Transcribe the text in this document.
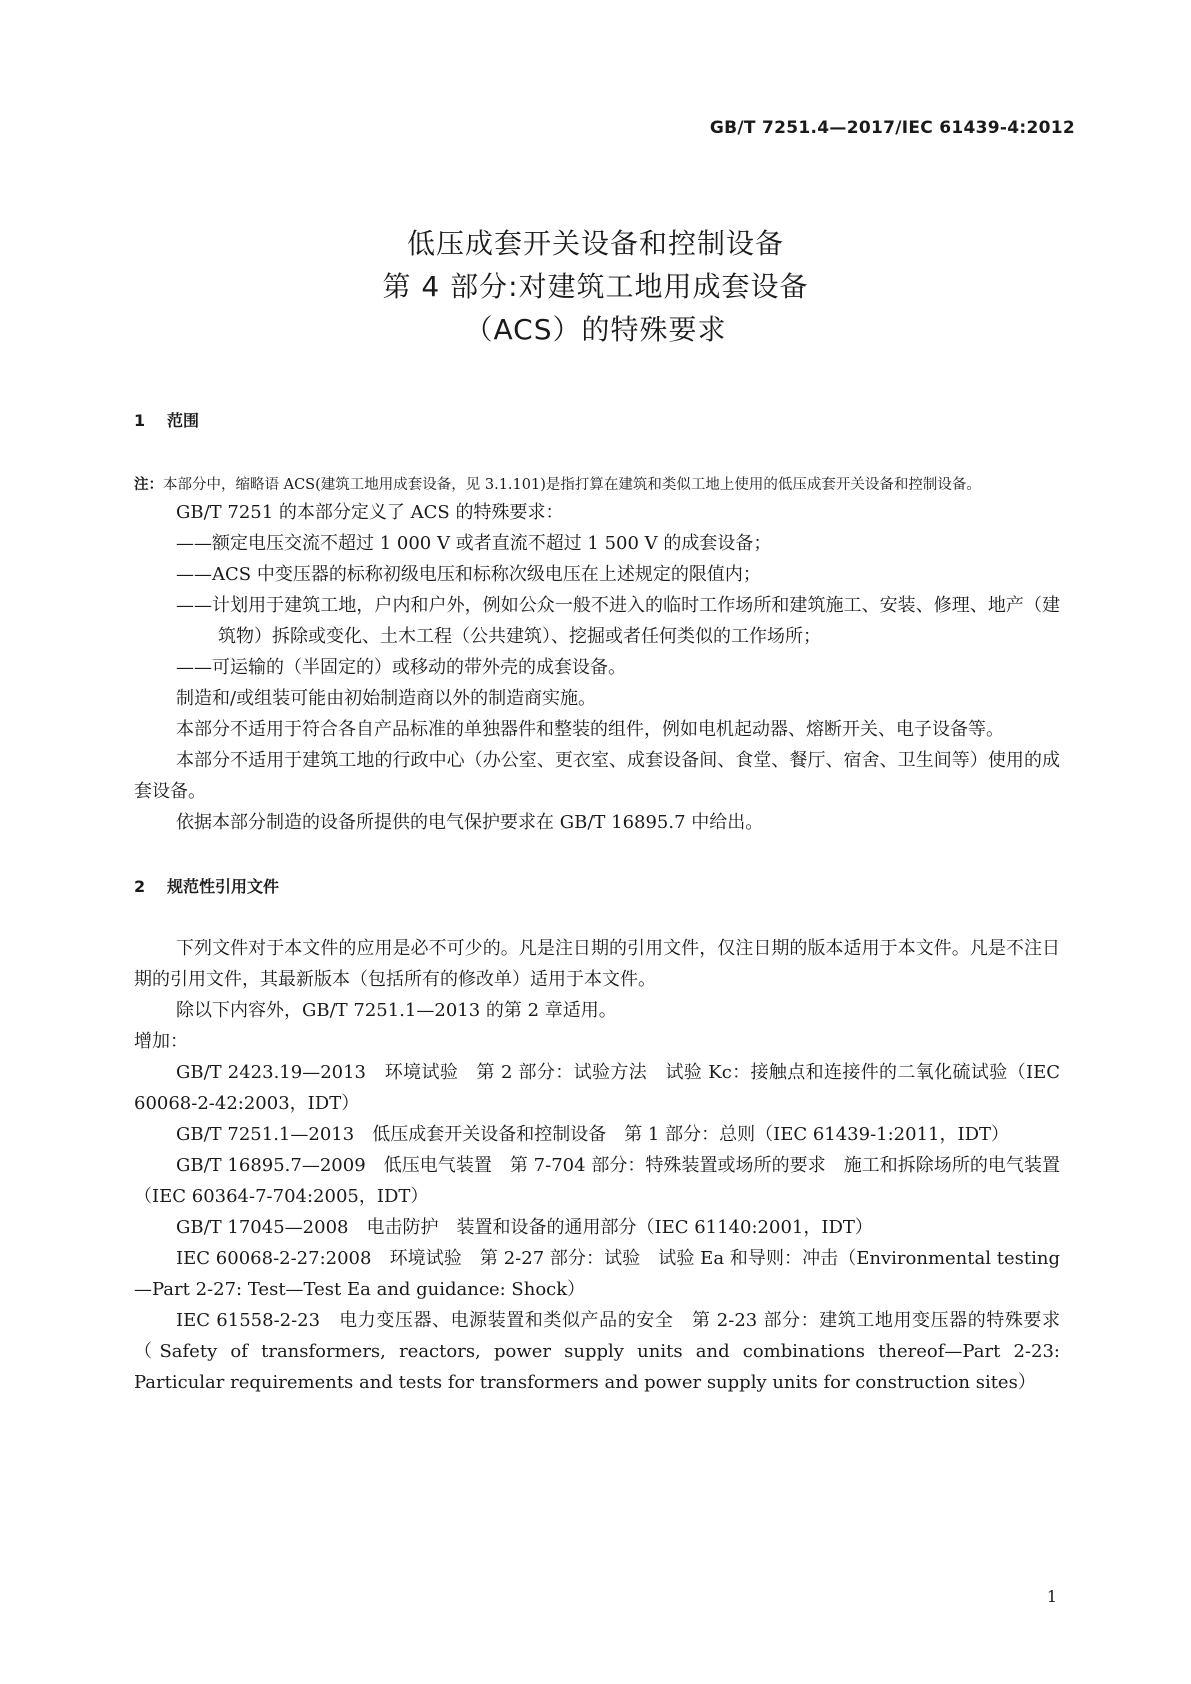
GB/T 7251.4—2017/IEC 61439-4:2012
低压成套开关设备和控制设备
第 4 部分:对建筑工地用成套设备
（ACS）的特殊要求
1 范围
注：本部分中，缩略语 ACS(建筑工地用成套设备，见 3.1.101)是指打算在建筑和类似工地上使用的低压成套开关设备和控制设备。

GB/T 7251 的本部分定义了 ACS 的特殊要求：

——额定电压交流不超过 1 000 V 或者直流不超过 1 500 V 的成套设备；

——ACS 中变压器的标称初级电压和标称次级电压在上述规定的限值内；

——计划用于建筑工地，户内和户外，例如公众一般不进入的临时工作场所和建筑施工、安装、修理、地产（建筑物）拆除或变化、土木工程（公共建筑）、挖掘或者任何类似的工作场所；

——可运输的（半固定的）或移动的带外壳的成套设备。

制造和/或组装可能由初始制造商以外的制造商实施。

本部分不适用于符合各自产品标准的单独器件和整装的组件，例如电机起动器、熔断开关、电子设备等。

本部分不适用于建筑工地的行政中心（办公室、更衣室、成套设备间、食堂、餐厅、宿舍、卫生间等）使用的成套设备。

依据本部分制造的设备所提供的电气保护要求在 GB/T 16895.7 中给出。

2 规范性引用文件

下列文件对于本文件的应用是必不可少的。凡是注日期的引用文件，仅注日期的版本适用于本文件。凡是不注日期的引用文件，其最新版本（包括所有的修改单）适用于本文件。

除以下内容外，GB/T 7251.1—2013 的第 2 章适用。

增加：

GB/T 2423.19—2013　环境试验　第 2 部分：试验方法　试验 Kc：接触点和连接件的二氧化硫试验（IEC 60068-2-42:2003，IDT）

GB/T 7251.1—2013　低压成套开关设备和控制设备　第 1 部分：总则（IEC 61439-1:2011，IDT）

GB/T 16895.7—2009　低压电气装置　第 7-704 部分：特殊装置或场所的要求　施工和拆除场所的电气装置（IEC 60364-7-704:2005，IDT）

GB/T 17045—2008　电击防护　装置和设备的通用部分（IEC 61140:2001，IDT）

IEC 60068-2-27:2008　环境试验　第 2-27 部分：试验　试验 Ea 和导则：冲击（Environmental testing—Part 2-27: Test—Test Ea and guidance: Shock）

IEC 61558-2-23　电力变压器、电源装置和类似产品的安全　第 2-23 部分：建筑工地用变压器的特殊要求（Safety of transformers, reactors, power supply units and combinations thereof—Part 2-23: Particular requirements and tests for transformers and power supply units for construction sites）

1
